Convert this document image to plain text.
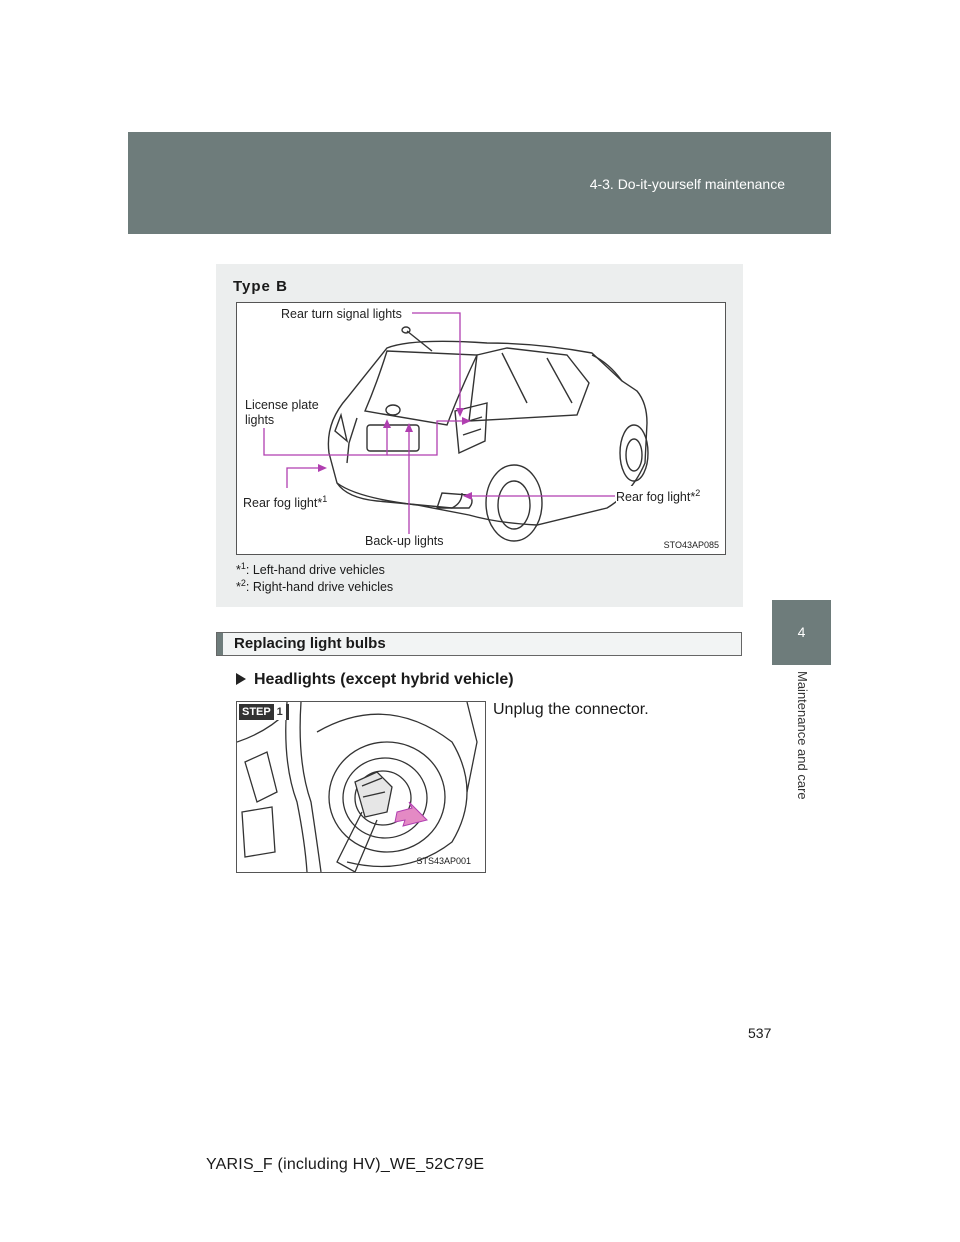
4-3. Do-it-yourself maintenance
4
Maintenance and care
Type B
Rear turn signal lights
License plate
lights
Rear fog light*$^1$	Rear fog light*$^2$
Back-up lights	STO43AP085
*$^1$: Left-hand drive vehicles
*$^2$: Right-hand drive vehicles
Replacing light bulbs
Headlights (except hybrid vehicle)
STEP 1
STS43AP001
Unplug the connector.
537
YARIS_F (including HV)_WE_52C79E
